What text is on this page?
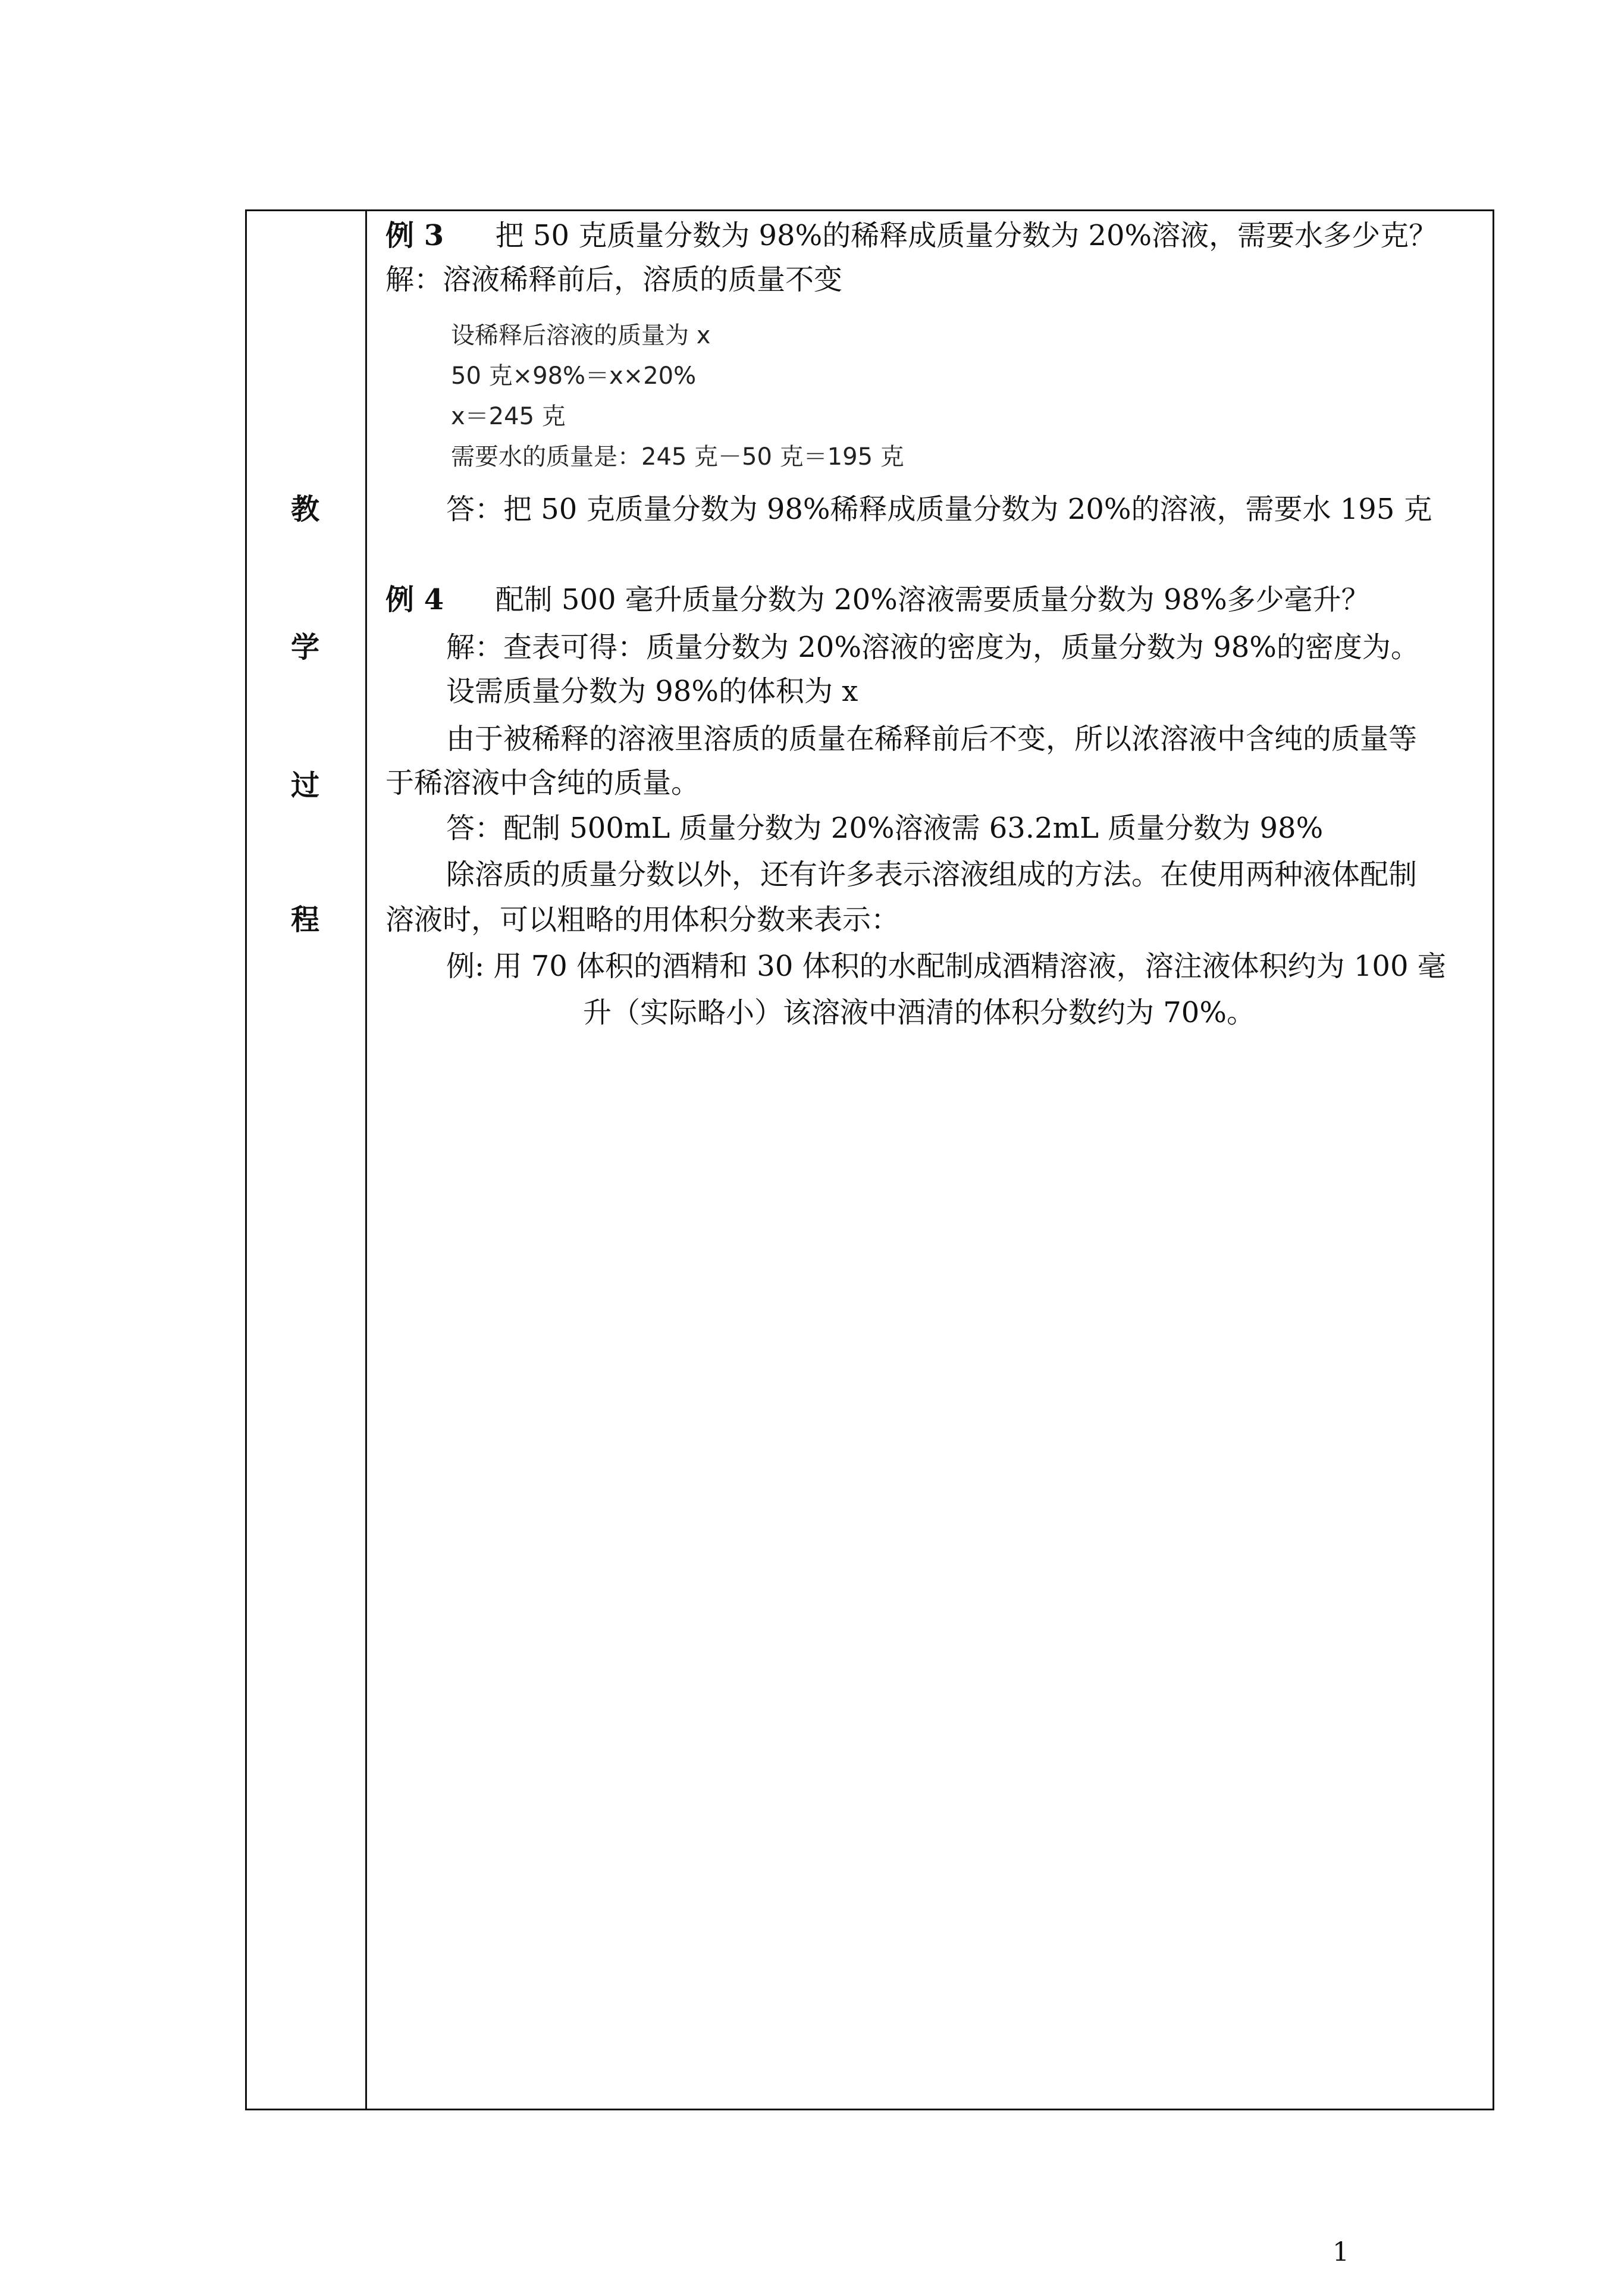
教
学
过
程
例 3 把 50 克质量分数为 98%的稀释成质量分数为 20%溶液，需要水多少克？
解：溶液稀释前后，溶质的质量不变
设稀释后溶液的质量为 x
50 克×98%＝x×20%
x＝245 克
需要水的质量是：245 克－50 克＝195 克
答：把 50 克质量分数为 98%稀释成质量分数为 20%的溶液，需要水 195 克
例 4 配制 500 毫升质量分数为 20%溶液需要质量分数为 98%多少毫升？
解：查表可得：质量分数为 20%溶液的密度为，质量分数为 98%的密度为。
设需质量分数为 98%的体积为 x
由于被稀释的溶液里溶质的质量在稀释前后不变，所以浓溶液中含纯的质量等
于稀溶液中含纯的质量。
答：配制 500mL 质量分数为 20%溶液需 63.2mL 质量分数为 98%
除溶质的质量分数以外，还有许多表示溶液组成的方法。在使用两种液体配制
溶液时，可以粗略的用体积分数来表示：
例: 用 70 体积的酒精和 30 体积的水配制成酒精溶液，溶注液体积约为 100 毫
升（实际略小）该溶液中酒清的体积分数约为 70%。
1
